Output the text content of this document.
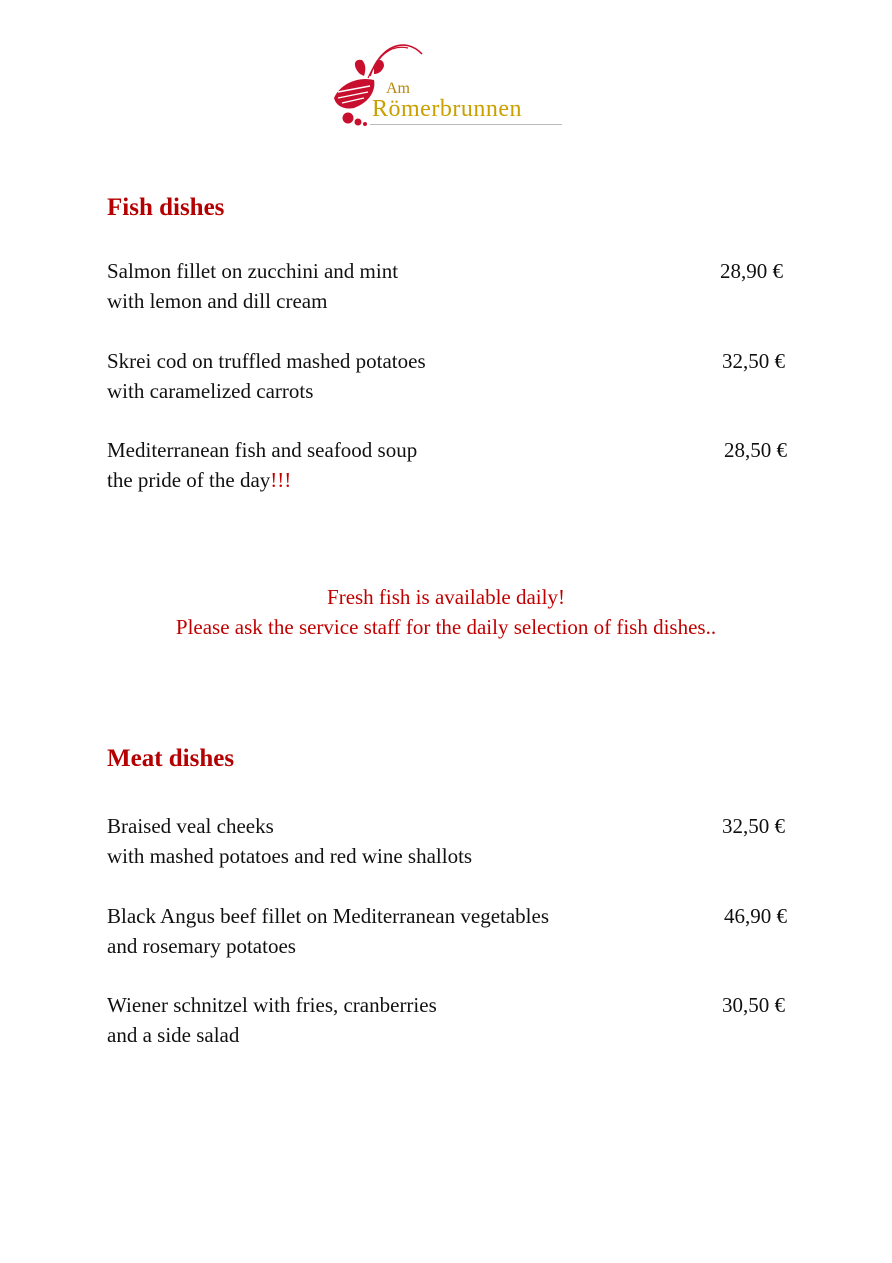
Am
Römerbrunnen
Fish dishes
Salmon fillet on zucchini and mint
with lemon and dill cream
28,90 €
Skrei cod on truffled mashed potatoes
with caramelized carrots
32,50 €
Mediterranean fish and seafood soup
the pride of the day!!!
28,50 €
Fresh fish is available daily!
Please ask the service staff for the daily selection of fish dishes..
Meat dishes
Braised veal cheeks
with mashed potatoes and red wine shallots
32,50 €
Black Angus beef fillet on Mediterranean vegetables
and rosemary potatoes
46,90 €
Wiener schnitzel with fries, cranberries
and a side salad
30,50 €
